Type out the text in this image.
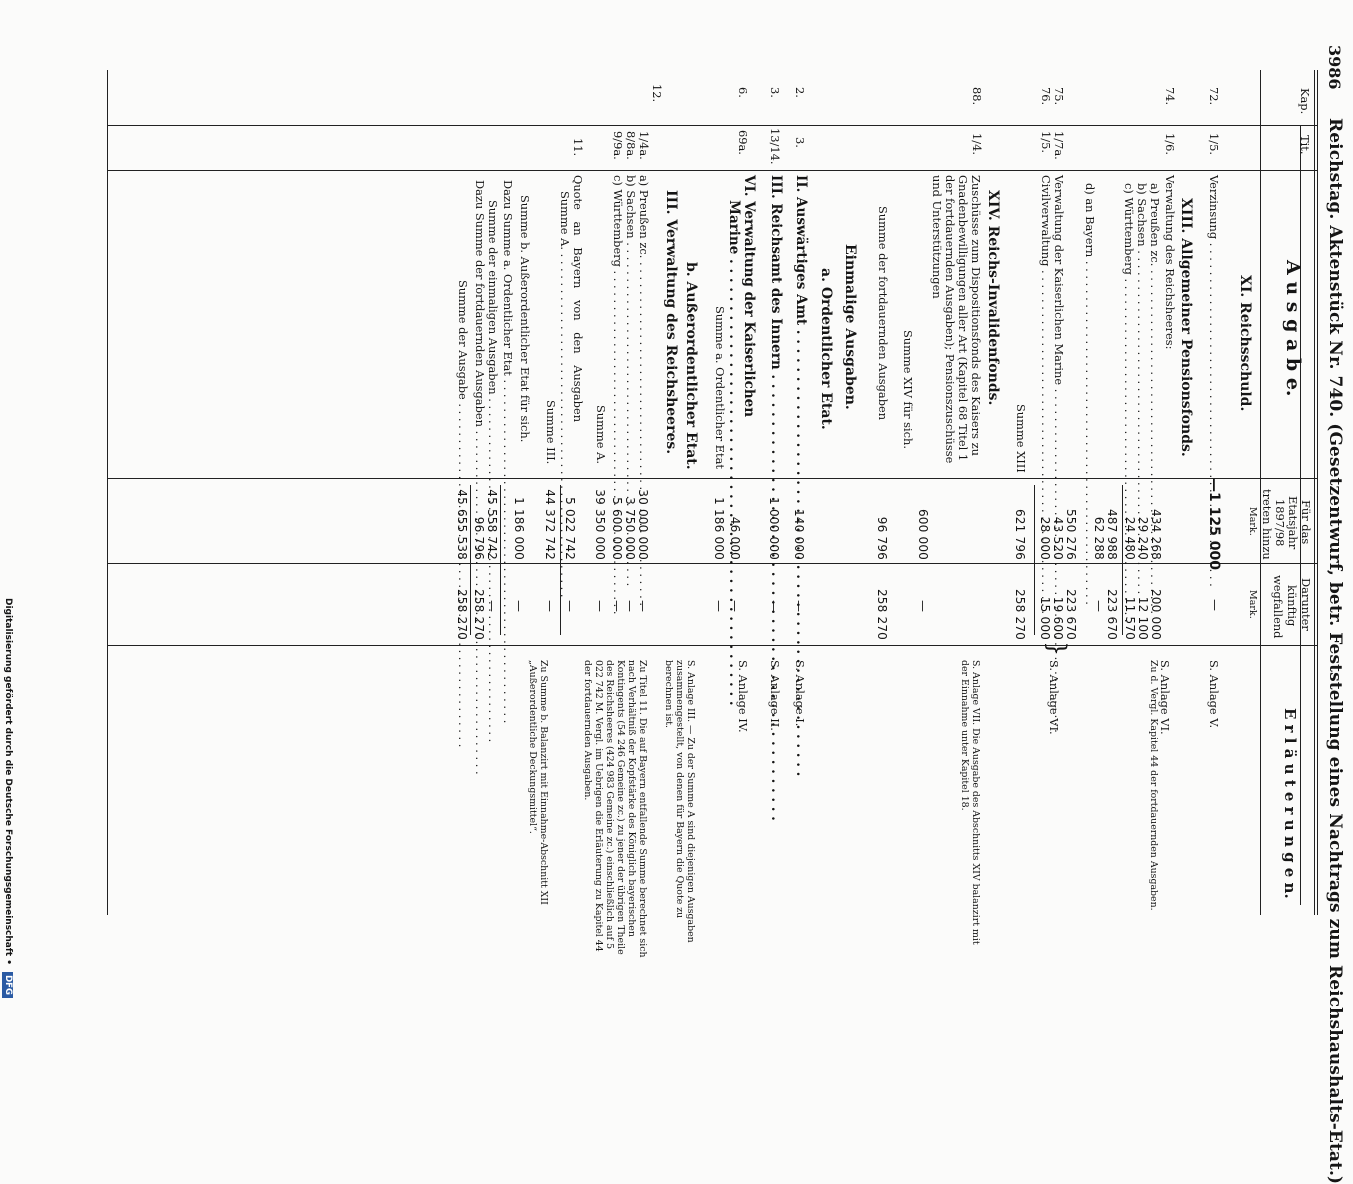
3986
Reichstag. Aktenstück Nr. 740. (Gesetzentwurf, betr. Feststellung eines Nachtrags zum Reichshaushalts-Etat.)
Kap.
Tit.
A u s g a b e.
Für das
Etatsjahr
1897/98
treten hinzu
Mark.
Darunter
künftig
wegfallend
Mark.
E r l ä u t e r u n g e n.
XI. Reichsschuld.
72.
1/5.
Verzinsung . . .
—1 125 000
—
S. Anlage V.
XIII. Allgemeiner Pensionsfonds.
74.
1/6.
Verwaltung des Reichsheeres:
a) Preußen zc. . . .
434 268
200 000
b) Sachsen . . .
29 240
12 100
c) Württemberg . . .
24 480
11 570
487 988
223 670
d) an Bayern . . .
62 288
—
S. Anlage VI.
Zu d. Vergl. Kapitel 44 der fortdauernden Ausgaben.
75.
1/7a.
Verwaltung der Kaiserlichen Marine . . .
550 276
223 670
43 520
19 600
76.
1/5.
Civilverwaltung . . .
28 000
15 000
}
S. Anlage VI.
Summe XIII
621 796
258 270
XIV. Reichs-Invalidenfonds.
88.
1/4.
Zuschüsse zum Dispositionsfonds des Kaisers zu Gnadenbewilligungen aller Art (Kapitel 68 Titel 1 der fortdauernden Ausgaben); Pensionszuschüsse und Unterstützungen
600 000
—
Summe XIV für sich.
S. Anlage VII. Die Ausgabe des Abschnitts XIV balanzirt mit der Einnahme unter Kapitel 18.
Summe der fortdauernden Ausgaben
96 796
258 270
Einmalige Ausgaben.
a. Ordentlicher Etat.
2.
3.
II. Auswärtiges Amt . . .
140 000
—
S. Anlage I.
3.
13/14.
III. Reichsamt des Innern . . .
1 000 000
—
S. Anlage II.
6.
69a.
VI. Verwaltung der Kaiserlichen
Marine . . .
46 000
—
S. Anlage IV.
Summe a. Ordentlicher Etat
1 186 000
—
b. Außerordentlicher Etat.
III. Verwaltung des Reichsheeres.
12.
1/4a.
a) Preußen zc. . . .
30 000 000
—
8/8a.
b) Sachsen . . .
3 750 000
—
9/9a.
c) Württemberg . . .
5 600 000
—
Summe A.
39 350 000
—
11.
Quote an Bayern von den Ausgaben
Summe A. . . .
5 022 742
—
Summe III.
44 372 742
—
S. Anlage III. — Zu der Summe A sind diejenigen Ausgaben zusammengestellt, von denen für Bayern die Quote zu berechnen ist.
Zu Titel 11. Die auf Bayern entfallende Summe berechnet sich nach Verhältniß der Kopfstärke des Königlich bayerischen Kontingents (54 246 Gemeine zc.) zu jener der übrigen Theile des Reichsheeres (424 983 Gemeine zc.) einschließlich auf 5 022 742 M. Vergl. im Uebrigen die Erläuterung zu Kapitel 44 der fortdauernden Ausgaben.
Zu Summe b. Balanzirt mit Einnahme-Abschnitt XII „Außerordentliche Deckungsmittel“.
Summe b. Außerordentlicher Etat für sich.
1 186 000
—
Dazu Summe a. Ordentlicher Etat . . .
Summe der einmaligen Ausgaben . . .
45 558 742
—
Dazu Summe der fortdauernden Ausgaben . . .
96 796
258 270
Summe der Ausgabe . . .
45 655 538
258 270
Digitalisierung gefördert durch die Deutsche Forschungsgemeinschaft • DFG
